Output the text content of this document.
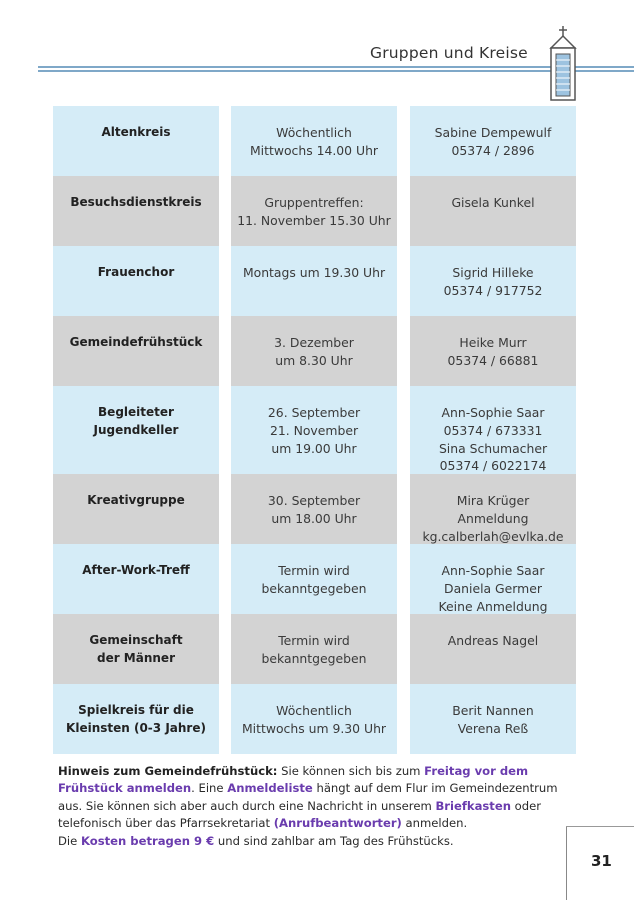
Gruppen und Kreise
Altenkreis
Besuchsdienstkreis
Frauenchor
Gemeindefrühstück
Begleiteter
Jugendkeller
Kreativgruppe
After-Work-Treff
Gemeinschaft
der Männer
Spielkreis für die
Kleinsten (0-3 Jahre)
Wöchentlich
Mittwochs 14.00 Uhr
Gruppentreffen:
11. November 15.30 Uhr
Montags um 19.30 Uhr
3. Dezember
um 8.30 Uhr
26. September
21. November
um 19.00 Uhr
30. September
um 18.00 Uhr
Termin wird
bekanntgegeben
Termin wird
bekanntgegeben
Wöchentlich
Mittwochs um 9.30 Uhr
Sabine Dempewulf
05374 / 2896
Gisela Kunkel
Sigrid Hilleke
05374 / 917752
Heike Murr
05374 / 66881
Ann-Sophie Saar
05374 / 673331
Sina Schumacher
05374 / 6022174
Mira Krüger
Anmeldung
kg.calberlah@evlka.de
Ann-Sophie Saar
Daniela Germer
Keine Anmeldung
Andreas Nagel
Berit Nannen
Verena Reß
Hinweis zum Gemeindefrühstück: Sie können sich bis zum Freitag vor dem Frühstück anmelden. Eine Anmeldeliste hängt auf dem Flur im Gemeindezentrum aus. Sie können sich aber auch durch eine Nachricht in unserem Briefkasten oder telefonisch über das Pfarrsekretariat (Anrufbeantworter) anmelden.
Die Kosten betragen 9 € und sind zahlbar am Tag des Frühstücks.
31
